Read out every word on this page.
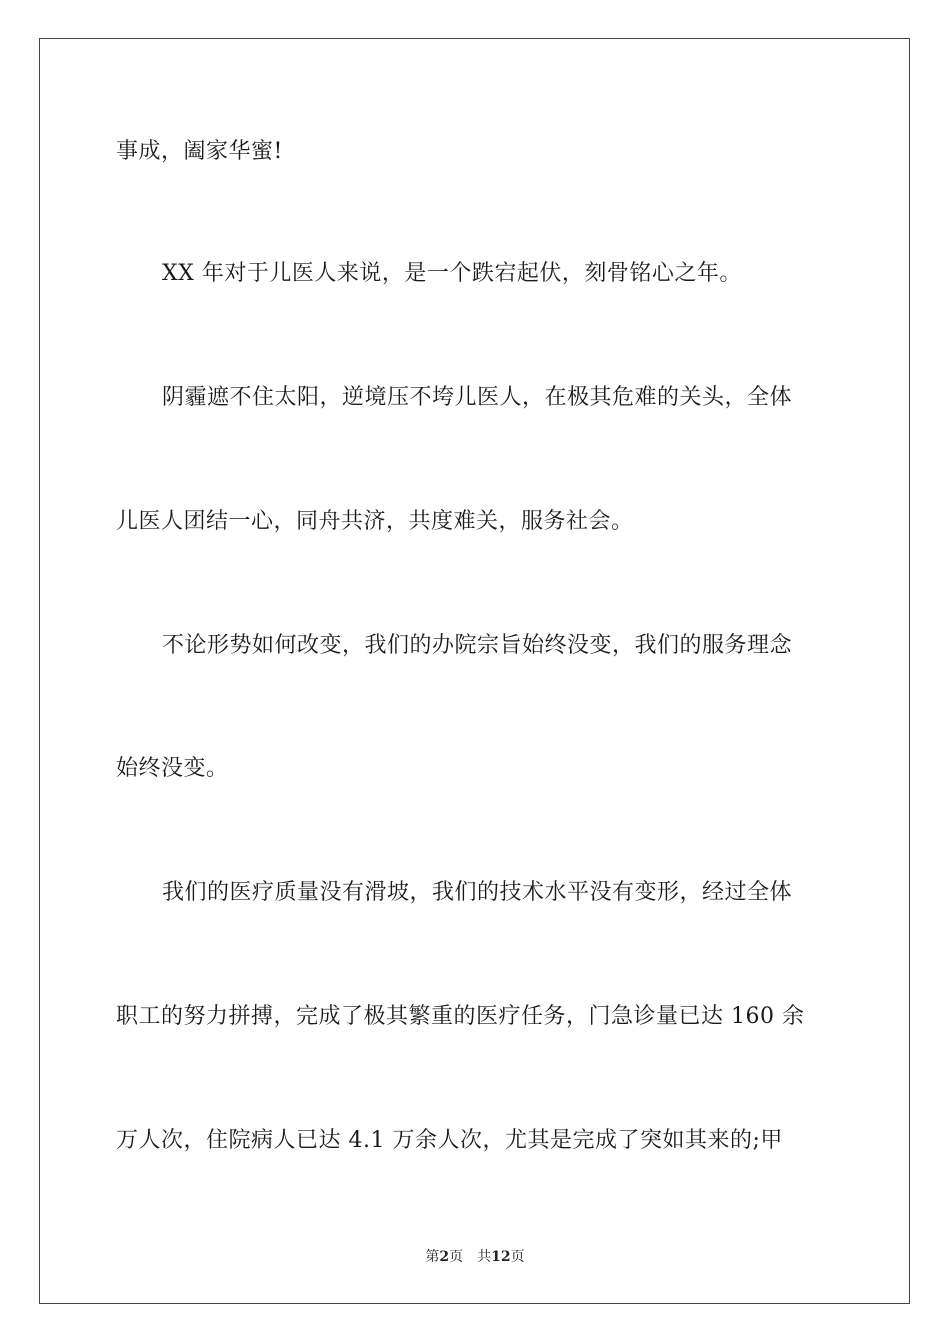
事成，阖家华蜜!
XX 年对于儿医人来说，是一个跌宕起伏，刻骨铭心之年。
阴霾遮不住太阳，逆境压不垮儿医人，在极其危难的关头，全体
儿医人团结一心，同舟共济，共度难关，服务社会。
不论形势如何改变，我们的办院宗旨始终没变，我们的服务理念
始终没变。
我们的医疗质量没有滑坡，我们的技术水平没有变形，经过全体
职工的努力拼搏，完成了极其繁重的医疗任务，门急诊量已达 160 余
万人次，住院病人已达 4.1 万余人次，尤其是完成了突如其来的;甲
第2页 共12页
